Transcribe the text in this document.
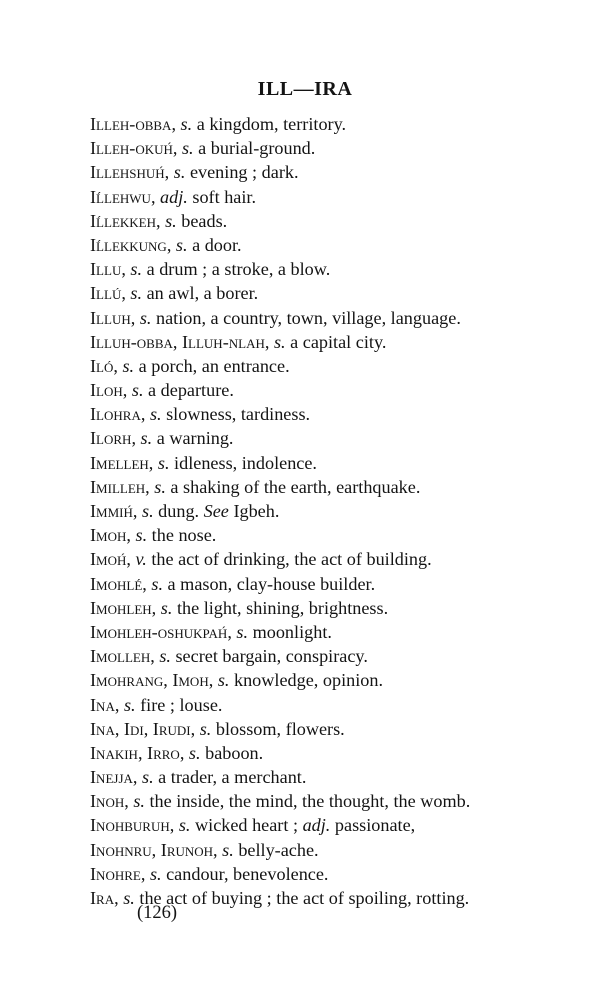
ILL—IRA
Illeh-obba, s. a kingdom, territory.
Illeh-okuh́, s. a burial-ground.
Illehshuh́, s. evening ; dark.
Iĺlehwu, adj. soft hair.
Iĺlekkeh, s. beads.
Iĺlekkung, s. a door.
Illu, s. a drum ; a stroke, a blow.
Illú, s. an awl, a borer.
Illuh, s. nation, a country, town, village, language.
Illuh-obba, Illuh-nlah, s. a capital city.
Iló, s. a porch, an entrance.
Iloh, s. a departure.
Ilohra, s. slowness, tardiness.
Ilorh, s. a warning.
Imelleh, s. idleness, indolence.
Imilleh, s. a shaking of the earth, earthquake.
Immih́, s. dung. See Igbeh.
Imoh, s. the nose.
Imoh́, v. the act of drinking, the act of building.
Imohlé, s. a mason, clay-house builder.
Imohleh, s. the light, shining, brightness.
Imohleh-oshukpah́, s. moonlight.
Imolleh, s. secret bargain, conspiracy.
Imohrang, Imoh, s. knowledge, opinion.
Ina, s. fire ; louse.
Ina, Idi, Irudi, s. blossom, flowers.
Inakih, Irro, s. baboon.
Inejja, s. a trader, a merchant.
Inoh, s. the inside, the mind, the thought, the womb.
Inohburuh, s. wicked heart ; adj. passionate,
Inohnru, Irunoh, s. belly-ache.
Inohre, s. candour, benevolence.
Ira, s. the act of buying ; the act of spoiling, rotting.
(126)
